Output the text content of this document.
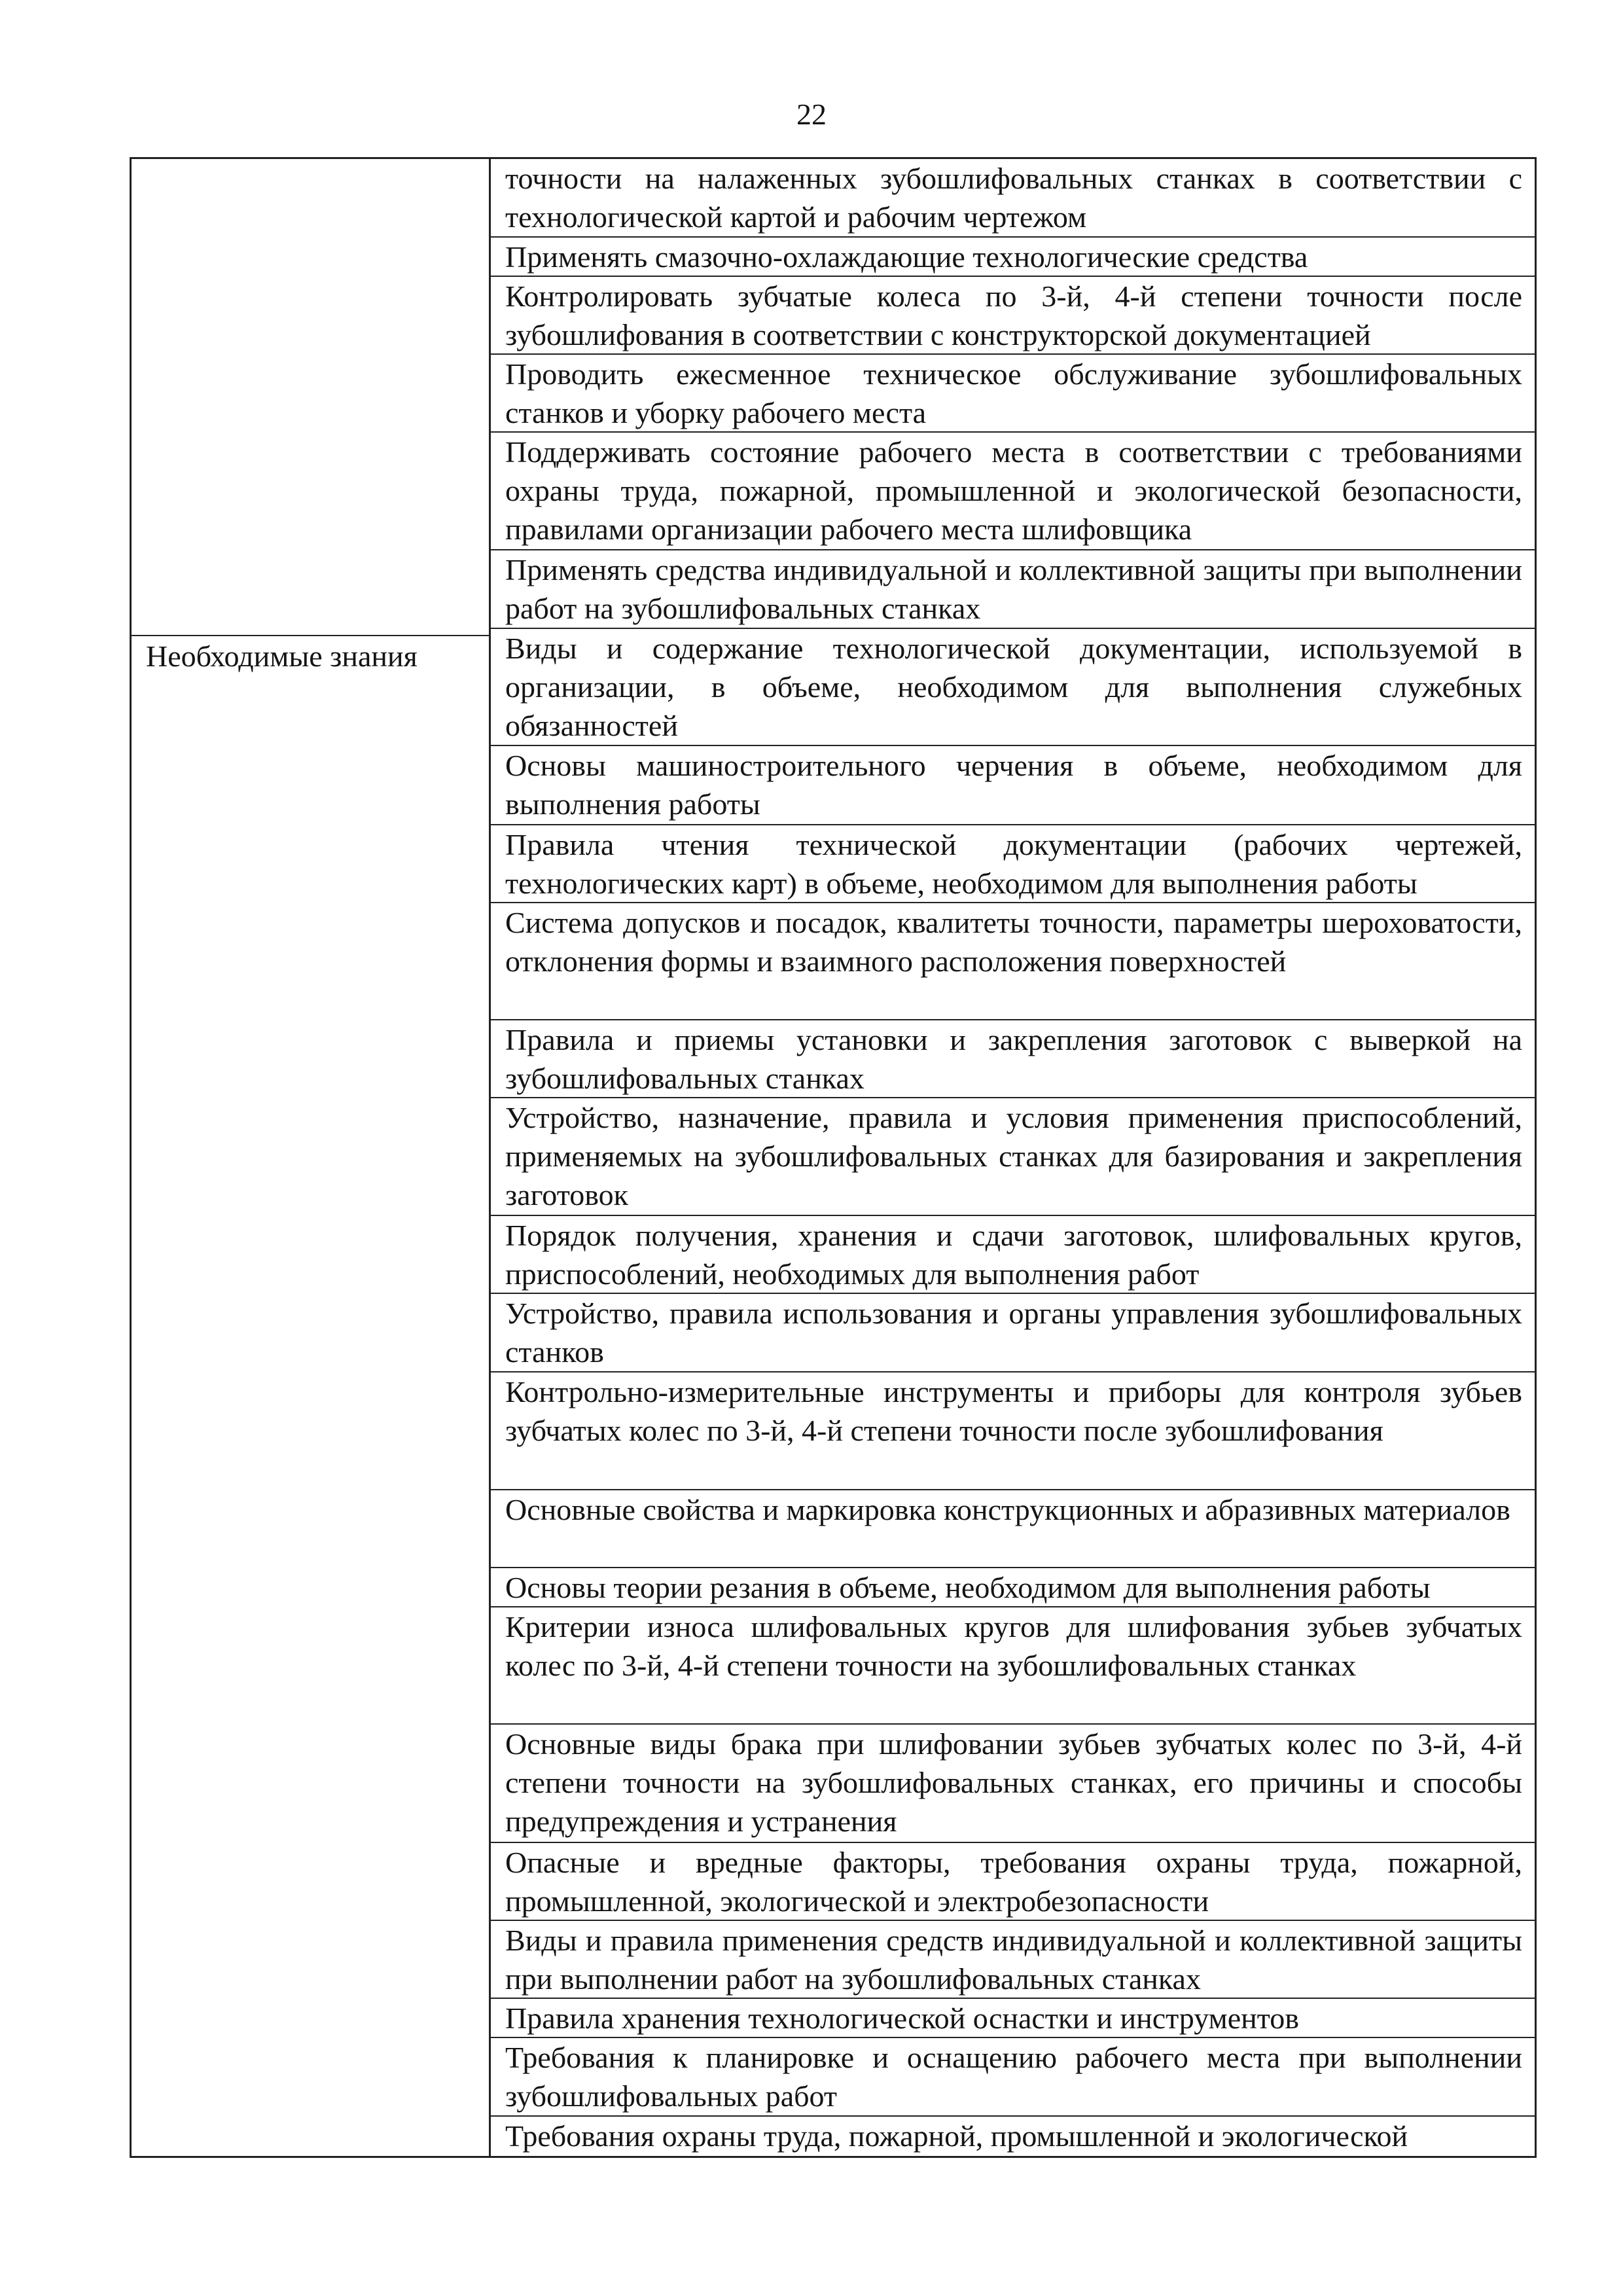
22
Необходимые знания
точности на налаженных зубошлифовальных станках в соответствии с технологической картой и рабочим чертежом
Применять смазочно-охлаждающие технологические средства
Контролировать зубчатые колеса по 3-й, 4-й степени точности после зубошлифования в соответствии с конструкторской документацией
Проводить ежесменное техническое обслуживание зубошлифовальных станков и уборку рабочего места
Поддерживать состояние рабочего места в соответствии с требованиями охраны труда, пожарной, промышленной и экологической безопасности, правилами организации рабочего места шлифовщика
Применять средства индивидуальной и коллективной защиты при выполнении работ на зубошлифовальных станках
Виды и содержание технологической документации, используемой в организации, в объеме, необходимом для выполнения служебных обязанностей
Основы машиностроительного черчения в объеме, необходимом для выполнения работы
Правила чтения технической документации (рабочих чертежей, технологических карт) в объеме, необходимом для выполнения работы
Система допусков и посадок, квалитеты точности, параметры шероховатости, отклонения формы и взаимного расположения поверхностей
Правила и приемы установки и закрепления заготовок с выверкой на зубошлифовальных станках
Устройство, назначение, правила и условия применения приспособлений, применяемых на зубошлифовальных станках для базирования и закрепления заготовок
Порядок получения, хранения и сдачи заготовок, шлифовальных кругов, приспособлений, необходимых для выполнения работ
Устройство, правила использования и органы управления зубошлифовальных станков
Контрольно-измерительные инструменты и приборы для контроля зубьев зубчатых колес по 3-й, 4-й степени точности после зубошлифования
Основные свойства и маркировка конструкционных и абразивных материалов
Основы теории резания в объеме, необходимом для выполнения работы
Критерии износа шлифовальных кругов для шлифования зубьев зубчатых колес по 3-й, 4-й степени точности на зубошлифовальных станках
Основные виды брака при шлифовании зубьев зубчатых колес по 3-й, 4-й степени точности на зубошлифовальных станках, его причины и способы предупреждения и устранения
Опасные и вредные факторы, требования охраны труда, пожарной, промышленной, экологической и электробезопасности
Виды и правила применения средств индивидуальной и коллективной защиты при выполнении работ на зубошлифовальных станках
Правила хранения технологической оснастки и инструментов
Требования к планировке и оснащению рабочего места при выполнении зубошлифовальных работ
Требования охраны труда, пожарной, промышленной и экологической
